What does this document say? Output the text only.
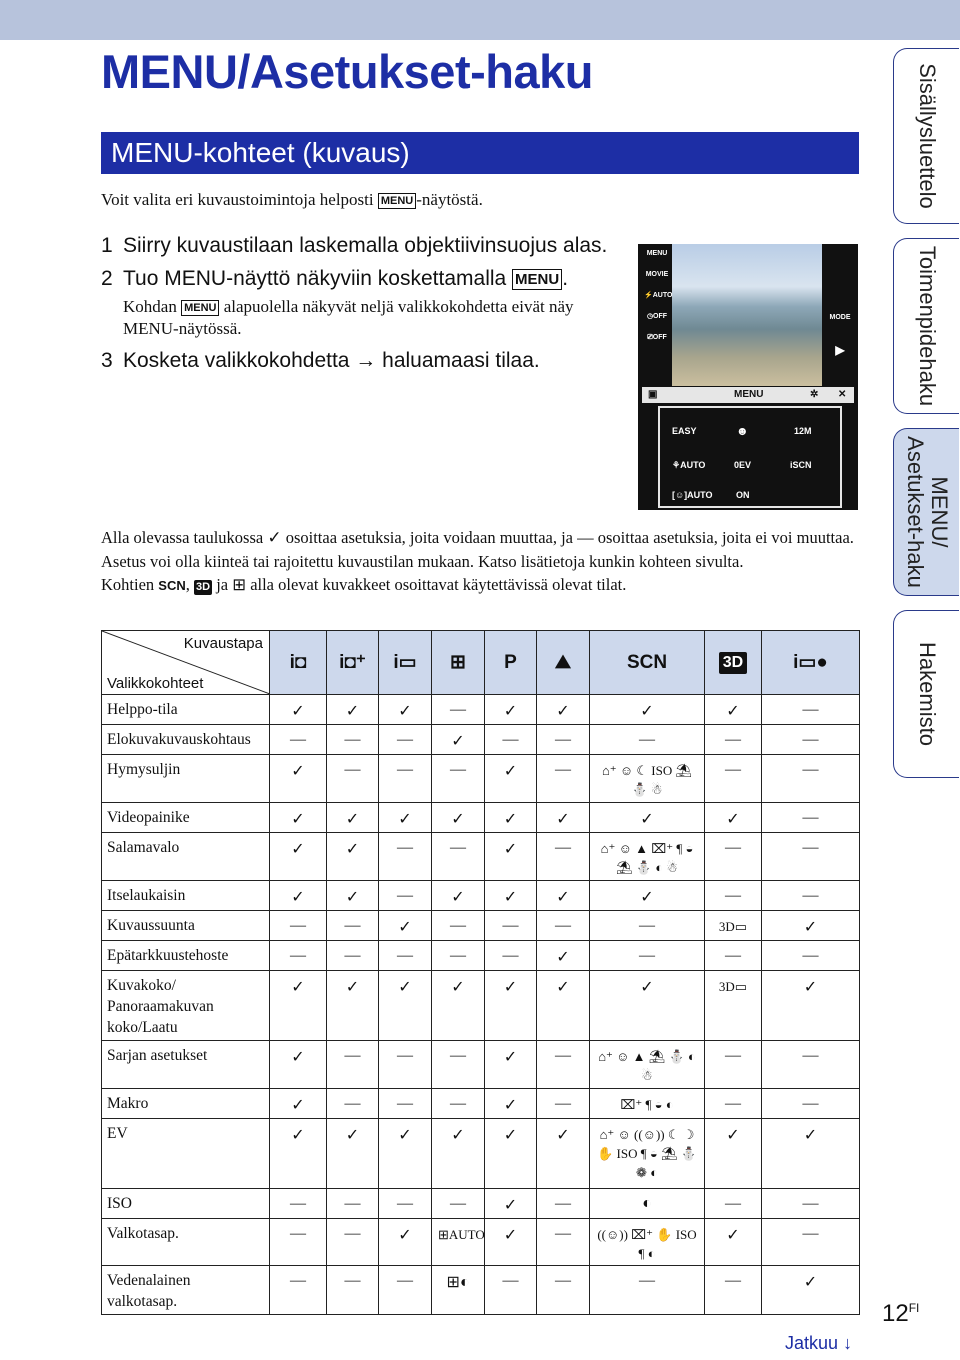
MENU/Asetukset-haku
MENU-kohteet (kuvaus)
Voit valita eri kuvaustoimintoja helposti MENU -näytöstä.
1 Siirry kuvaustilaan laskemalla objektiivinsuojus alas.
2 Tuo MENU-näyttö näkyviin koskettamalla MENU .
Kohdan MENU alapuolella näkyvät neljä valikkokohdetta eivät näy MENU-näytössä.
3 Kosketa valikkokohdetta → haluamaasi tilaa.
MENU
MOVIE
⚡AUTO
◷OFF
⎚OFF
MODE
▶
▣	MENU	✲ ✕
EASY	☻	12M
⚘AUTO	0EV	iSCN
[☺]AUTO	ON

Alla olevassa taulukossa ✓ osoittaa asetuksia, joita voidaan muuttaa, ja — osoittaa asetuksia, joita ei voi muuttaa. Asetus voi olla kiinteä tai rajoitettu kuvaustilan mukaan. Katso lisätietoja kunkin kohteen sivulta.

Kohtien SCN, 3D ja ⊞ alla olevat kuvakkeet osoittavat käytettävissä olevat tilat.

Kuvaustapa
Valikkokohteet	i◘	i◘⁺	i▭	⊞	P	⛰	SCN	3D	i▭●
Helppo-tila	✓	✓	✓	—	✓	✓	✓	✓	—
Elokuvakuvauskohtaus	—	—	—	✓	—	—	—	—	—
Hymysuljin	✓	—	—	—	✓	—	⌂⁺ ☺ ☾ ISO ⛱ ⛄ ☃	—	—
Videopainike	✓	✓	✓	✓	✓	✓	✓	✓	—
Salamavalo	✓	✓	—	—	✓	—	⌂⁺ ☺ ▲ ⌧⁺ ¶ ◒ ⛱ ⛄ ◐ ☃	—	—
Itselaukaisin	✓	✓	—	✓	✓	✓	✓	—	—
Kuvaussuunta	—	—	✓	—	—	—	—	3D▭	✓
Epätarkkuustehoste	—	—	—	—	—	✓	—	—	—
Kuvakoko/
Panoraamakuvan
koko/Laatu	✓	✓	✓	✓	✓	✓	✓	3D▭	✓
Sarjan asetukset	✓	—	—	—	✓	—	⌂⁺ ☺ ▲ ⛱ ⛄ ◐ ☃	—	—
Makro	✓	—	—	—	✓	—	⌧⁺ ¶ ◒ ◐	—	—
EV	✓	✓	✓	✓	✓	✓	⌂⁺ ☺ ((☺)) ☾ ☽ ✋ ISO ¶ ◒ ⛱ ⛄ ❁ ◐	✓	✓
ISO	—	—	—	—	✓	—	◐	—	—
Valkotasap.	—	—	✓	⊞AUTO	✓	—	((☺)) ⌧⁺ ✋ ISO ¶ ◐	✓	—
Vedenalainen
valkotasap.	—	—	—	⊞◐	—	—	—	—	✓
Sisällysluettelo
Toimenpidehaku
MENU/
Asetukset-haku
Hakemisto
$12^{FI}$
Jatkuu ↓
